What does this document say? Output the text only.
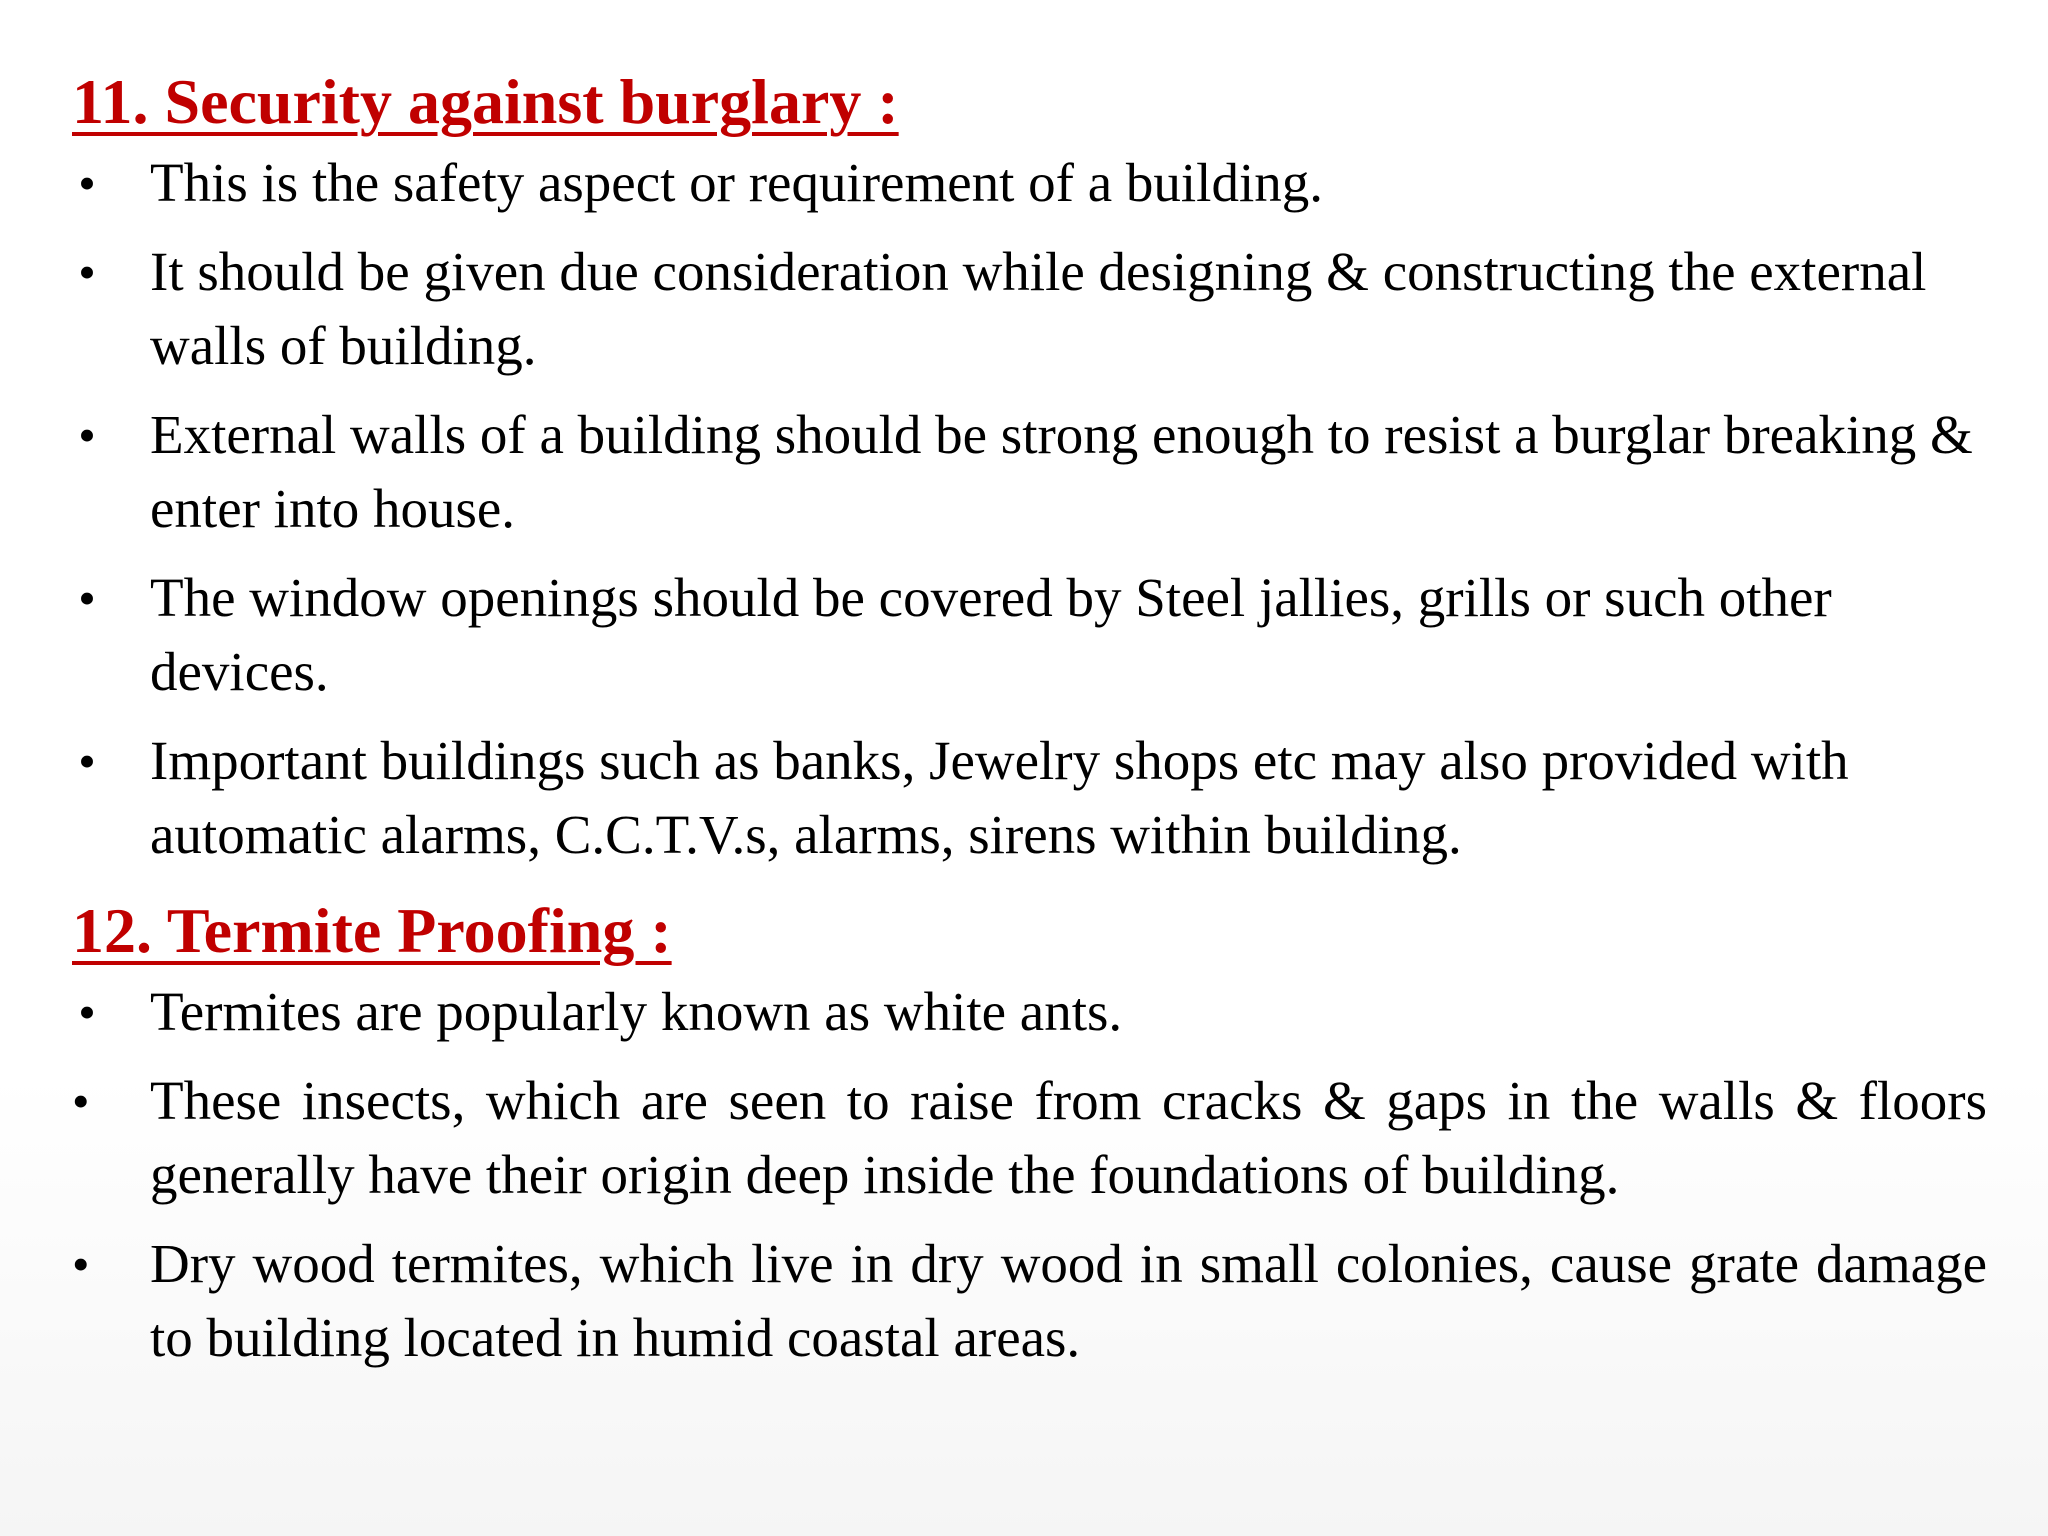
11. Security against burglary :
• This is the safety aspect or requirement of a building.
• It should be given due consideration while designing & constructing the external walls of building.
• External walls of a building should be strong enough to resist a burglar breaking & enter into house.
• The window openings should be covered by Steel jallies, grills or such other devices.
• Important buildings such as banks, Jewelry shops etc may also provided with automatic alarms, C.C.T.V.s, alarms, sirens within building.
12. Termite Proofing :
• Termites are popularly known as white ants.
• These insects, which are seen to raise from cracks & gaps in the walls & floors generally have their origin deep inside the foundations of building.
• Dry wood termites, which live in dry wood in small colonies, cause grate damage to building located in humid coastal areas.
